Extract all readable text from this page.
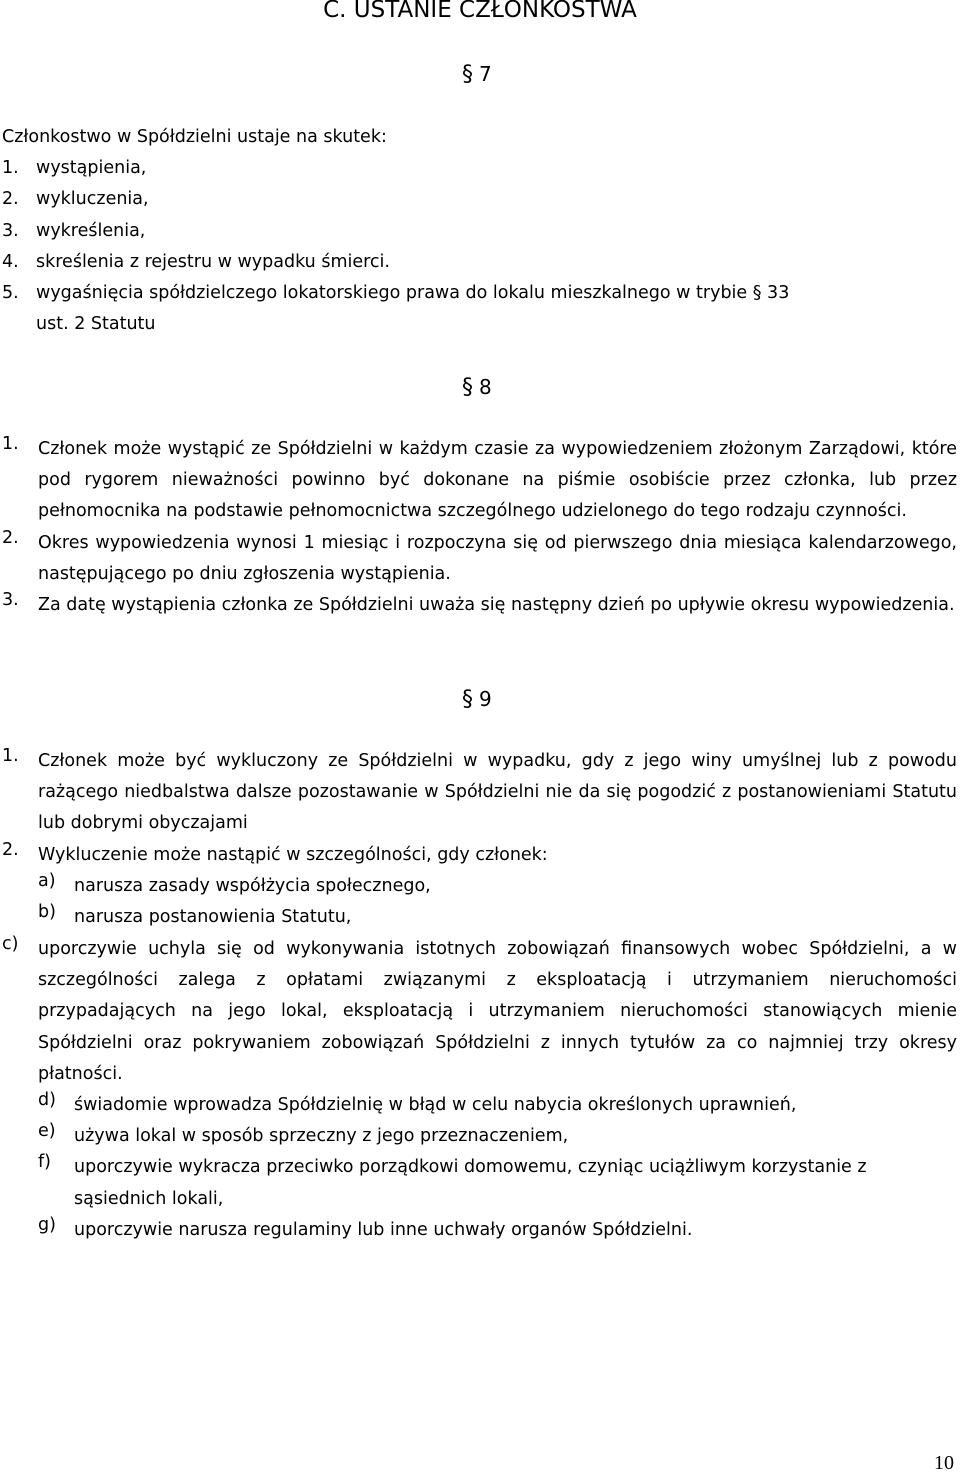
C. USTANIE CZŁONKOSTWA
§ 7
Członkostwo w Spółdzielni ustaje na skutek:
1. wystąpienia,
2. wykluczenia,
3. wykreślenia,
4. skreślenia z rejestru w wypadku śmierci.
5. wygaśnięcia spółdzielczego lokatorskiego prawa do lokalu mieszkalnego w trybie § 33
ust. 2 Statutu
§ 8
1.	Członek może wystąpić ze Spółdzielni w każdym czasie za wypowiedzeniem złożonym Zarządowi, które pod rygorem nieważności powinno być dokonane na piśmie osobiście przez członka, lub przez pełnomocnika na podstawie pełnomocnictwa szczególnego udzielonego do tego rodzaju czynności.
2.	Okres wypowiedzenia wynosi 1 miesiąc i rozpoczyna się od pierwszego dnia miesiąca kalendarzowego, następującego po dniu zgłoszenia wystąpienia.
3.	Za datę wystąpienia członka ze Spółdzielni uważa się następny dzień po upływie okresu wypowiedzenia.
§ 9
1.	Członek może być wykluczony ze Spółdzielni w wypadku, gdy z jego winy umyślnej lub z powodu rażącego niedbalstwa dalsze pozostawanie w Spółdzielni nie da się pogodzić z postanowieniami Statutu lub dobrymi obyczajami
2.	Wykluczenie może nastąpić w szczególności, gdy członek:
a)	narusza zasady współżycia społecznego,
b)	narusza postanowienia Statutu,
c)	uporczywie uchyla się od wykonywania istotnych zobowiązań finansowych wobec Spółdzielni, a w szczególności zalega z opłatami związanymi z eksploatacją i utrzymaniem nieruchomości przypadających na jego lokal, eksploatacją i utrzymaniem nieruchomości stanowiących mienie Spółdzielni oraz pokrywaniem zobowiązań Spółdzielni z innych tytułów za co najmniej trzy okresy płatności.
d)	świadomie wprowadza Spółdzielnię w błąd w celu nabycia określonych uprawnień,
e)	używa lokal w sposób sprzeczny z jego przeznaczeniem,
f)	uporczywie wykracza przeciwko porządkowi domowemu, czyniąc uciążliwym korzystanie z sąsiednich lokali,
g)	uporczywie narusza regulaminy lub inne uchwały organów Spółdzielni.
10
